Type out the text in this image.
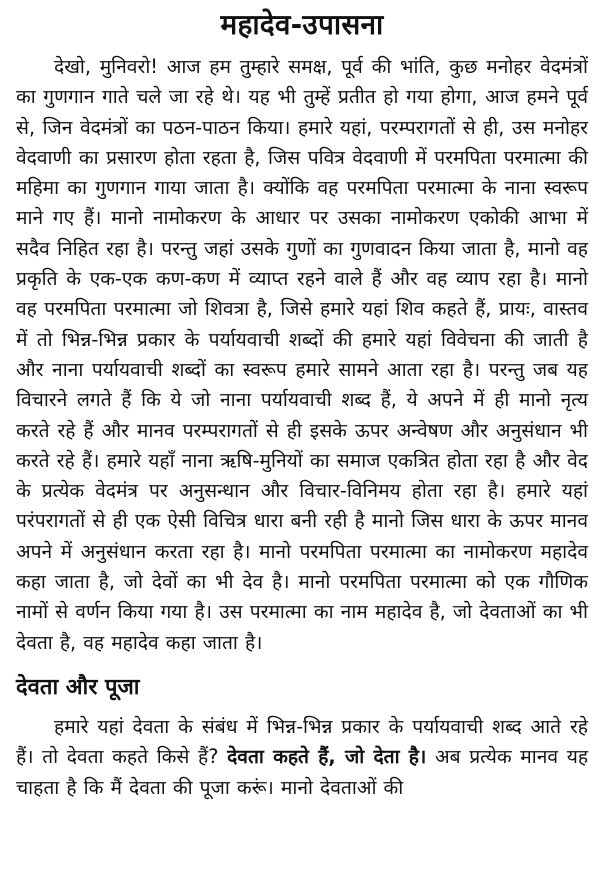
महादेव-उपासना

देखो, मुनिवरो! आज हम तुम्हारे समक्ष, पूर्व की भांति, कुछ मनोहर वेदमंत्रों का गुणगान गाते चले जा रहे थे। यह भी तुम्हें प्रतीत हो गया होगा, आज हमने पूर्व से, जिन वेदमंत्रों का पठन-पाठन किया। हमारे यहां, परम्परागतों से ही, उस मनोहर वेदवाणी का प्रसारण होता रहता है, जिस पवित्र वेदवाणी में परमपिता परमात्मा की महिमा का गुणगान गाया जाता है। क्योंकि वह परमपिता परमात्मा के नाना स्वरूप माने गए हैं। मानो नामोकरण के आधार पर उसका नामोकरण एकोकी आभा में सदैव निहित रहा है। परन्तु जहां उसके गुणों का गुणवादन किया जाता है, मानो वह प्रकृति के एक-एक कण-कण में व्याप्त रहने वाले हैं और वह व्याप रहा है। मानो वह परमपिता परमात्मा जो शिवत्रा है, जिसे हमारे यहां शिव कहते हैं, प्रायः, वास्तव में तो भिन्न-भिन्न प्रकार के पर्यायवाची शब्दों की हमारे यहां विवेचना की जाती है और नाना पर्यायवाची शब्दों का स्वरूप हमारे सामने आता रहा है। परन्तु जब यह विचारने लगते हैं कि ये जो नाना पर्यायवाची शब्द हैं, ये अपने में ही मानो नृत्य करते रहे हैं और मानव परम्परागतों से ही इसके ऊपर अन्वेषण और अनुसंधान भी करते रहे हैं। हमारे यहाँ नाना ऋषि-मुनियों का समाज एकत्रित होता रहा है और वेद के प्रत्येक वेदमंत्र पर अनुसन्धान और विचार-विनिमय होता रहा है। हमारे यहां परंपरागतों से ही एक ऐसी विचित्र धारा बनी रही है मानो जिस धारा के ऊपर मानव अपने में अनुसंधान करता रहा है। मानो परमपिता परमात्मा का नामोकरण महादेव कहा जाता है, जो देवों का भी देव है। मानो परमपिता परमात्मा को एक गौणिक नामों से वर्णन किया गया है। उस परमात्मा का नाम महादेव है, जो देवताओं का भी देवता है, वह महादेव कहा जाता है।

देवता और पूजा

हमारे यहां देवता के संबंध में भिन्न-भिन्न प्रकार के पर्यायवाची शब्द आते रहे हैं। तो देवता कहते किसे हैं? देवता कहते हैं, जो देता है। अब प्रत्येक मानव यह चाहता है कि मैं देवता की पूजा करूं। मानो देवताओं की
